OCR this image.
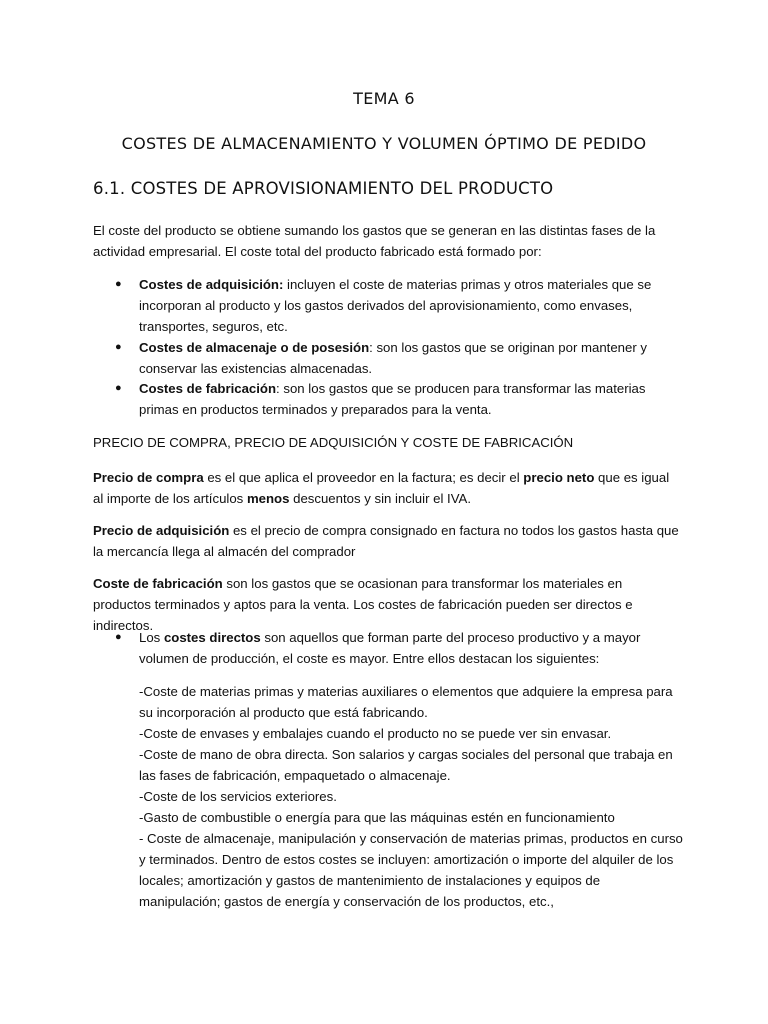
TEMA 6
COSTES DE ALMACENAMIENTO Y VOLUMEN ÓPTIMO DE PEDIDO
6.1. COSTES DE APROVISIONAMIENTO DEL PRODUCTO

El coste del producto se obtiene sumando los gastos que se generan en las distintas fases de la actividad empresarial. El coste total del producto fabricado está formado por:

● Costes de adquisición: incluyen el coste de materias primas y otros materiales que se incorporan al producto y los gastos derivados del aprovisionamiento, como envases, transportes, seguros, etc.

● Costes de almacenaje o de posesión: son los gastos que se originan por mantener y conservar las existencias almacenadas.

● Costes de fabricación: son los gastos que se producen para transformar las materias primas en productos terminados y preparados para la venta.

PRECIO DE COMPRA, PRECIO DE ADQUISICIÓN Y COSTE DE FABRICACIÓN

Precio de compra es el que aplica el proveedor en la factura; es decir el precio neto que es igual al importe de los artículos menos descuentos y sin incluir el IVA.

Precio de adquisición es el precio de compra consignado en factura no todos los gastos hasta que la mercancía llega al almacén del comprador

Coste de fabricación son los gastos que se ocasionan para transformar los materiales en productos terminados y aptos para la venta. Los costes de fabricación pueden ser directos e indirectos.

● Los costes directos son aquellos que forman parte del proceso productivo y a mayor volumen de producción, el coste es mayor. Entre ellos destacan los siguientes:

-Coste de materias primas y materias auxiliares o elementos que adquiere la empresa para su incorporación al producto que está fabricando.
-Coste de envases y embalajes cuando el producto no se puede ver sin envasar.
-Coste de mano de obra directa. Son salarios y cargas sociales del personal que trabaja en las fases de fabricación, empaquetado o almacenaje.
-Coste de los servicios exteriores.
-Gasto de combustible o energía para que las máquinas estén en funcionamiento
- Coste de almacenaje, manipulación y conservación de materias primas, productos en curso y terminados. Dentro de estos costes se incluyen: amortización o importe del alquiler de los locales; amortización y gastos de mantenimiento de instalaciones y equipos de manipulación; gastos de energía y conservación de los productos, etc.,
